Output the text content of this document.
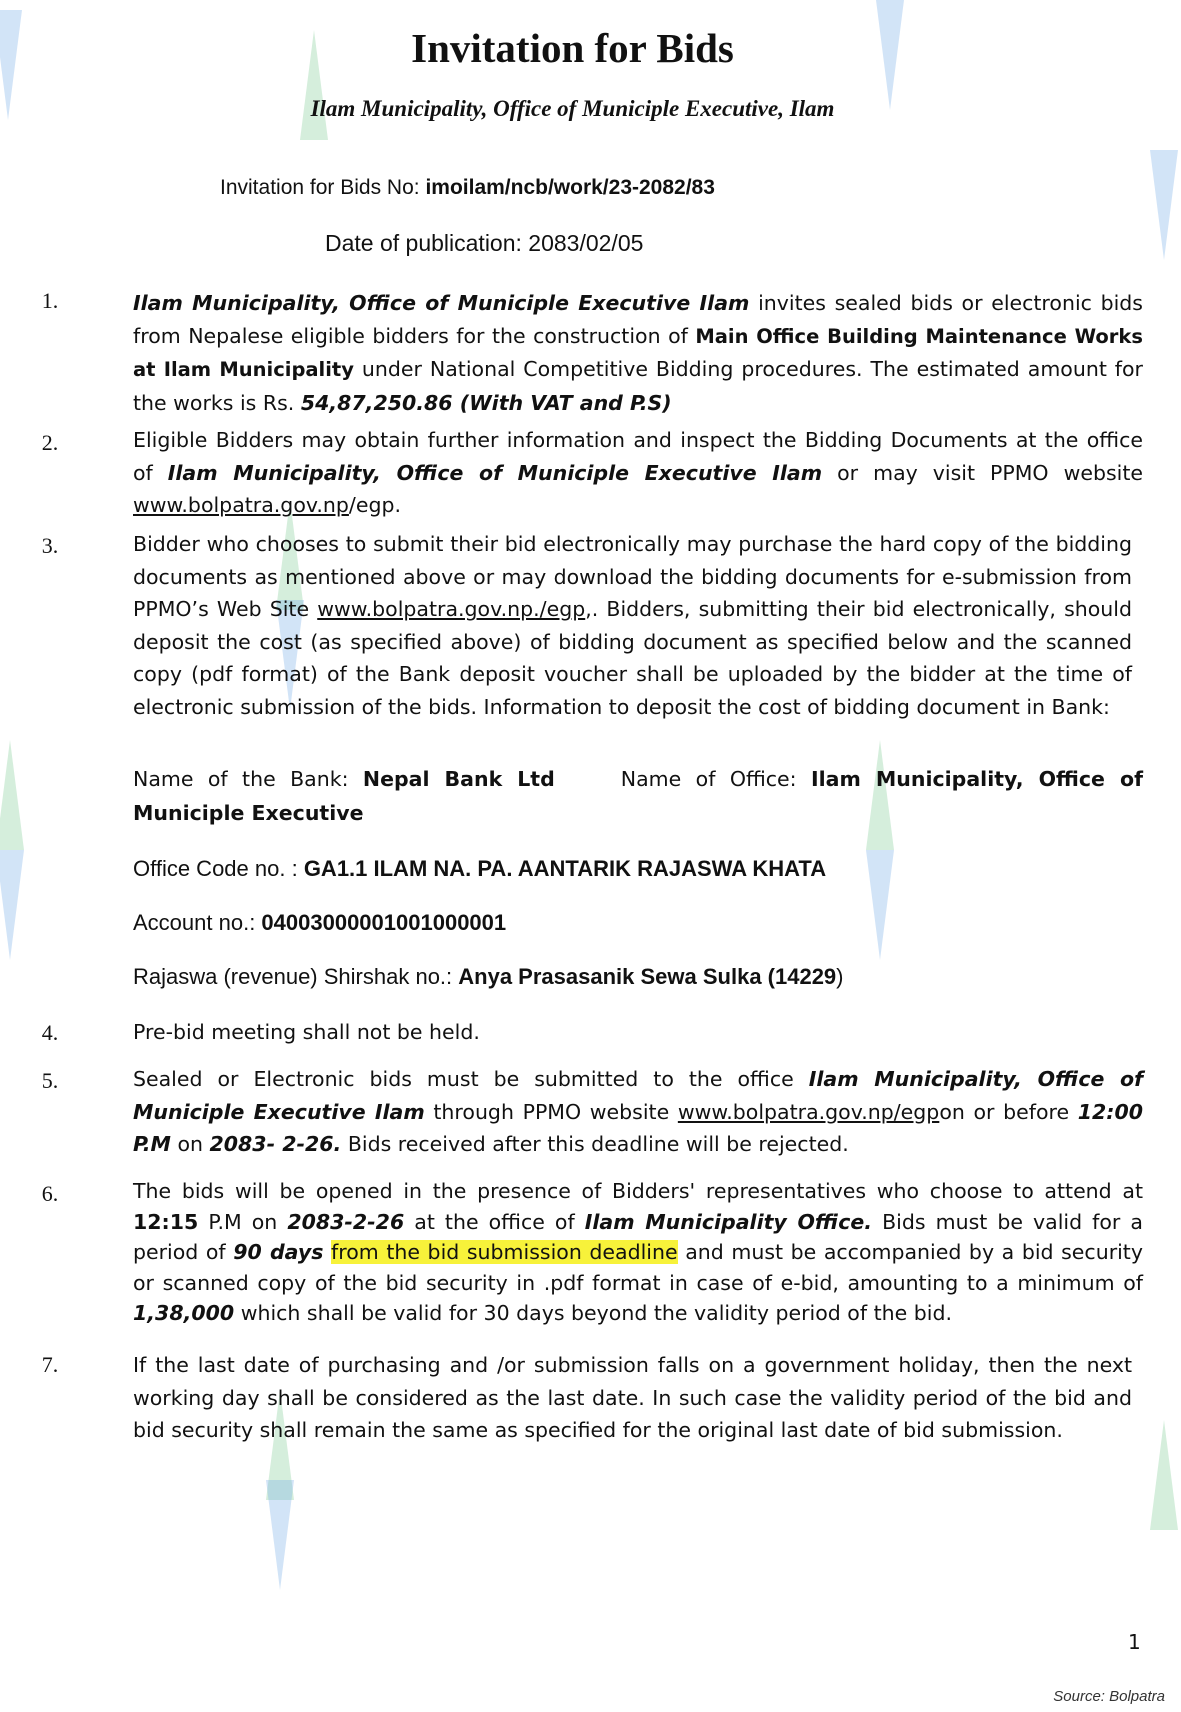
Invitation for Bids
Ilam Municipality, Office of Municiple Executive, Ilam
Invitation for Bids No: imoilam/ncb/work/23-2082/83
Date of publication: 2083/02/05
1.	Ilam Municipality, Office of Municiple Executive Ilam invites sealed bids or electronic bids from Nepalese eligible bidders for the construction of Main Office Building Maintenance Works at Ilam Municipality under National Competitive Bidding procedures. The estimated amount for the works is Rs. 54,87,250.86 (With VAT and P.S)
2.	Eligible Bidders may obtain further information and inspect the Bidding Documents at the office of Ilam Municipality, Office of Municiple Executive Ilam or may visit PPMO website www.bolpatra.gov.np/egp.
3.	Bidder who chooses to submit their bid electronically may purchase the hard copy of the bidding documents as mentioned above or may download the bidding documents for e-submission from PPMO’s Web Site www.bolpatra.gov.np./egp,. Bidders, submitting their bid electronically, should deposit the cost (as specified above) of bidding document as specified below and the scanned copy (pdf format) of the Bank deposit voucher shall be uploaded by the bidder at the time of electronic submission of the bids. Information to deposit the cost of bidding document in Bank:
Name of the Bank: Nepal Bank Ltd	Name of Office: Ilam Municipality, Office of Municiple Executive
Office Code no. : GA1.1 ILAM NA. PA. AANTARIK RAJASWA KHATA
Account no.: 04003000001001000001
Rajaswa (revenue) Shirshak no.: Anya Prasasanik Sewa Sulka (14229)
4.	Pre-bid meeting shall not be held.
5.	Sealed or Electronic bids must be submitted to the office Ilam Municipality, Office of Municiple Executive Ilam through PPMO website www.bolpatra.gov.np/egpon or before 12:00 P.M on 2083- 2-26. Bids received after this deadline will be rejected.
6.	The bids will be opened in the presence of Bidders' representatives who choose to attend at 12:15 P.M on 2083-2-26 at the office of Ilam Municipality Office. Bids must be valid for a period of 90 days from the bid submission deadline and must be accompanied by a bid security or scanned copy of the bid security in .pdf format in case of e-bid, amounting to a minimum of 1,38,000 which shall be valid for 30 days beyond the validity period of the bid.
7.	If the last date of purchasing and /or submission falls on a government holiday, then the next working day shall be considered as the last date. In such case the validity period of the bid and bid security shall remain the same as specified for the original last date of bid submission.
1
Source: Bolpatra
